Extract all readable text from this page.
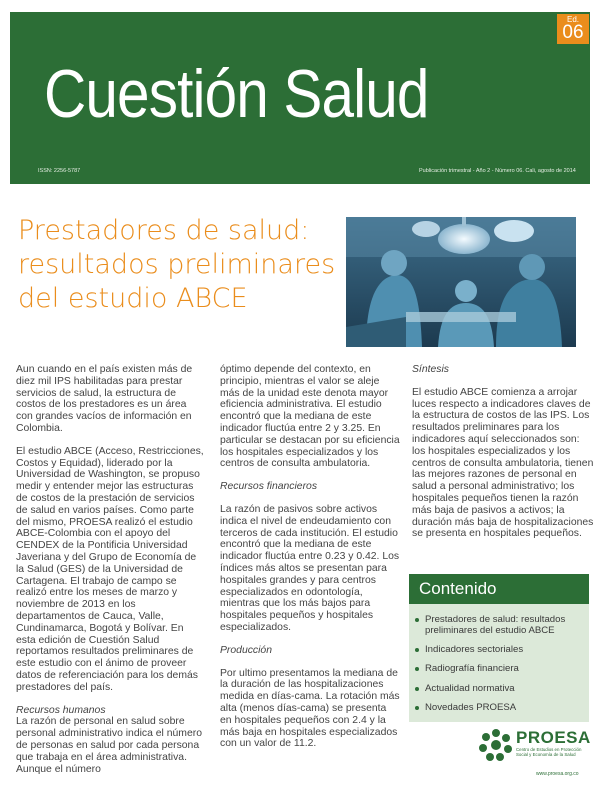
Cuestión Salud
Ed.
06
ISSN: 2256-5787	Publicación trimestral - Año 2 - Número 06. Cali, agosto de 2014
Prestadores de salud: resultados preliminares del estudio ABCE

Aun cuando en el país existen más de diez mil IPS habilitadas para prestar servicios de salud, la estructura de costos de los prestadores es un área con grandes vacíos de información en Colombia.

El estudio ABCE (Acceso, Restricciones, Costos y Equidad), liderado por la Universidad de Washington, se propuso medir y entender mejor las estructuras de costos de la prestación de servicios de salud en varios países. Como parte del mismo, PROESA realizó el estudio ABCE-Colombia con el apoyo del CENDEX de la Pontificia Universidad Javeriana y del Grupo de Economía de la Salud (GES) de la Universidad de Cartagena. El trabajo de campo se realizó entre los meses de marzo y noviembre de 2013 en los departamentos de Cauca, Valle, Cundinamarca, Bogotá y Bolívar. En esta edición de Cuestión Salud reportamos resultados preliminares de este estudio con el ánimo de proveer datos de referenciación para los demás prestadores del país.

Recursos humanos

La razón de personal en salud sobre personal administrativo indica el número de personas en salud por cada persona que trabaja en el área administrativa. Aunque el número

óptimo depende del contexto, en principio, mientras el valor se aleje más de la unidad este denota mayor eficiencia administrativa. El estudio encontró que la mediana de este indicador fluctúa entre 2 y 3.25. En particular se destacan por su eficiencia los hospitales especializados y los centros de consulta ambulatoria.

Recursos financieros

La razón de pasivos sobre activos indica el nivel de endeudamiento con terceros de cada institución. El estudio encontró que la mediana de este indicador fluctúa entre 0.23 y 0.42. Los índices más altos se presentan para hospitales grandes y para centros especializados en odontología, mientras que los más bajos para hospitales pequeños y hospitales especializados.

Producción

Por ultimo presentamos la mediana de la duración de las hospitalizaciones medida en días-cama. La rotación más alta (menos días-cama) se presenta en hospitales pequeños con 2.4 y la más baja en hospitales especializados con un valor de 11.2.

Síntesis

El estudio ABCE comienza a arrojar luces respecto a indicadores claves de la estructura de costos de las IPS. Los resultados preliminares para los indicadores aquí seleccionados son: los hospitales especializados y los centros de consulta ambulatoria, tienen las mejores razones de personal en salud a personal administrativo; los hospitales pequeños tienen la razón más baja de pasivos a activos; la duración más baja de hospitalizaciones se presenta en hospitales pequeños.

Contenido
Prestadores de salud: resultados preliminares del estudio ABCE
Indicadores sectoriales
Radiografía financiera
Actualidad normativa
Novedades PROESA
PROESA
Centro de Estudios en Protección Social y Economía de la Salud
www.proesa.org.co
